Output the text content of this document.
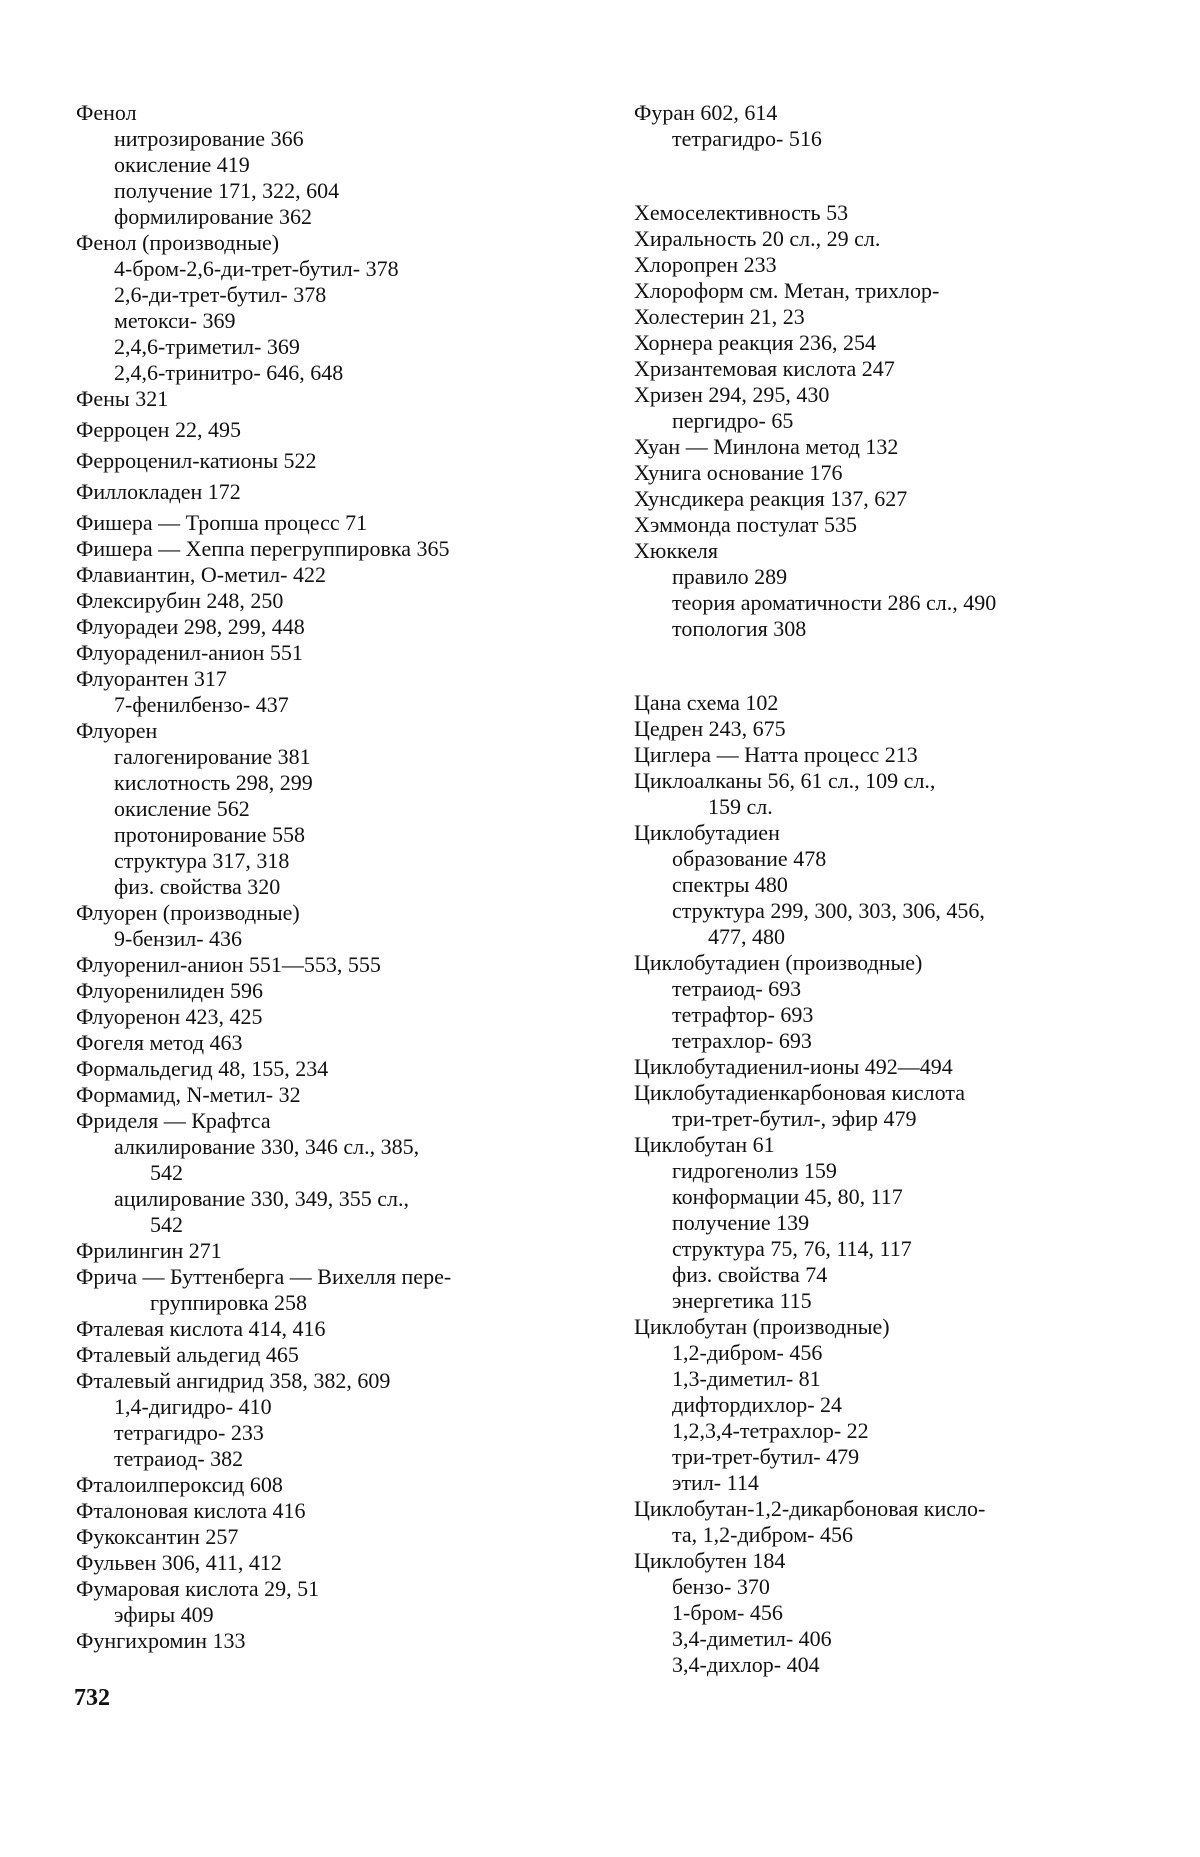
Фенол
нитрозирование 366
окисление 419
получение 171, 322, 604
формилирование 362
Фенол (производные)
4-бром-2,6-ди-трет-бутил- 378
2,6-ди-трет-бутил- 378
метокси- 369
2,4,6-триметил- 369
2,4,6-тринитро- 646, 648
Фены 321
Ферроцен 22, 495
Ферроценил-катионы 522
Филлокладен 172
Фишера — Тропша процесс 71
Фишера — Хеппа перегруппировка 365
Флавиантин, О-метил- 422
Флексирубин 248, 250
Флуорадеи 298, 299, 448
Флуораденил-анион 551
Флуорантен 317
7-фенилбензо- 437
Флуорен
галогенирование 381
кислотность 298, 299
окисление 562
протонирование 558
структура 317, 318
физ. свойства 320
Флуорен (производные)
9-бензил- 436
Флуоренил-анион 551—553, 555
Флуоренилиден 596
Флуоренон 423, 425
Фогеля метод 463
Формальдегид 48, 155, 234
Формамид, N-метил- 32
Фриделя — Крафтса
алкилирование 330, 346 сл., 385,
542
ацилирование 330, 349, 355 сл.,
542
Фрилингин 271
Фрича — Буттенберга — Вихелля пере-
группировка 258
Фталевая кислота 414, 416
Фталевый альдегид 465
Фталевый ангидрид 358, 382, 609
1,4-дигидро- 410
тетрагидро- 233
тетраиод- 382
Фталоилпероксид 608
Фталоновая кислота 416
Фукоксантин 257
Фульвен 306, 411, 412
Фумаровая кислота 29, 51
эфиры 409
Фунгихромин 133
Фуран 602, 614
тетрагидро- 516
Хемоселективность 53
Хиральность 20 сл., 29 сл.
Хлоропрен 233
Хлороформ см. Метан, трихлор-
Холестерин 21, 23
Хорнера реакция 236, 254
Хризантемовая кислота 247
Хризен 294, 295, 430
пергидро- 65
Хуан — Минлона метод 132
Хунига основание 176
Хунсдикера реакция 137, 627
Хэммонда постулат 535
Хюккеля
правило 289
теория ароматичности 286 сл., 490
топология 308
Цана схема 102
Цедрен 243, 675
Циглера — Натта процесс 213
Циклоалканы 56, 61 сл., 109 сл.,
159 сл.
Циклобутадиен
образование 478
спектры 480
структура 299, 300, 303, 306, 456,
477, 480
Циклобутадиен (производные)
тетраиод- 693
тетрафтор- 693
тетрахлор- 693
Циклобутадиенил-ионы 492—494
Циклобутадиенкарбоновая кислота
три-трет-бутил-, эфир 479
Циклобутан 61
гидрогенолиз 159
конформации 45, 80, 117
получение 139
структура 75, 76, 114, 117
физ. свойства 74
энергетика 115
Циклобутан (производные)
1,2-дибром- 456
1,3-диметил- 81
дифтордихлор- 24
1,2,3,4-тетрахлор- 22
три-трет-бутил- 479
этил- 114
Циклобутан-1,2-дикарбоновая кисло-
та, 1,2-дибром- 456
Циклобутен 184
бензо- 370
1-бром- 456
3,4-диметил- 406
3,4-дихлор- 404
732
